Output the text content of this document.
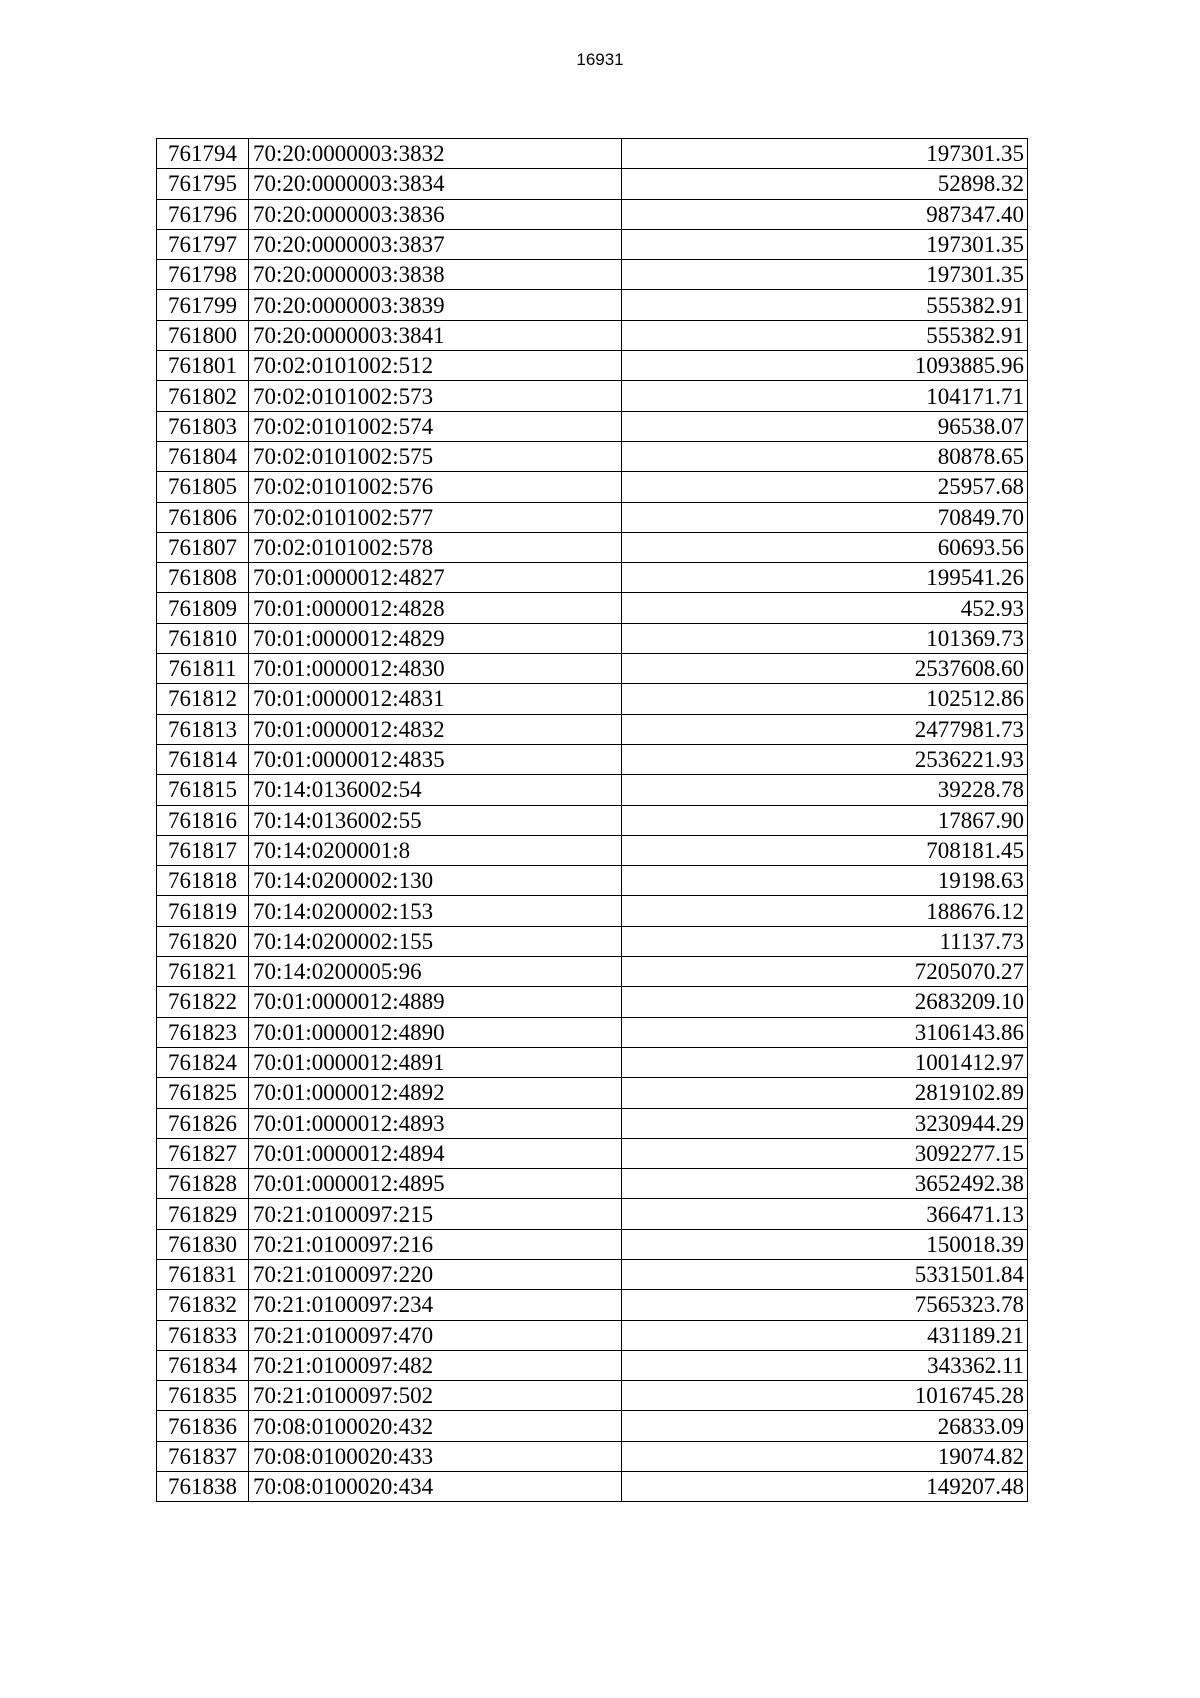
16931
761794	70:20:0000003:3832	197301.35
761795	70:20:0000003:3834	52898.32
761796	70:20:0000003:3836	987347.40
761797	70:20:0000003:3837	197301.35
761798	70:20:0000003:3838	197301.35
761799	70:20:0000003:3839	555382.91
761800	70:20:0000003:3841	555382.91
761801	70:02:0101002:512	1093885.96
761802	70:02:0101002:573	104171.71
761803	70:02:0101002:574	96538.07
761804	70:02:0101002:575	80878.65
761805	70:02:0101002:576	25957.68
761806	70:02:0101002:577	70849.70
761807	70:02:0101002:578	60693.56
761808	70:01:0000012:4827	199541.26
761809	70:01:0000012:4828	452.93
761810	70:01:0000012:4829	101369.73
761811	70:01:0000012:4830	2537608.60
761812	70:01:0000012:4831	102512.86
761813	70:01:0000012:4832	2477981.73
761814	70:01:0000012:4835	2536221.93
761815	70:14:0136002:54	39228.78
761816	70:14:0136002:55	17867.90
761817	70:14:0200001:8	708181.45
761818	70:14:0200002:130	19198.63
761819	70:14:0200002:153	188676.12
761820	70:14:0200002:155	11137.73
761821	70:14:0200005:96	7205070.27
761822	70:01:0000012:4889	2683209.10
761823	70:01:0000012:4890	3106143.86
761824	70:01:0000012:4891	1001412.97
761825	70:01:0000012:4892	2819102.89
761826	70:01:0000012:4893	3230944.29
761827	70:01:0000012:4894	3092277.15
761828	70:01:0000012:4895	3652492.38
761829	70:21:0100097:215	366471.13
761830	70:21:0100097:216	150018.39
761831	70:21:0100097:220	5331501.84
761832	70:21:0100097:234	7565323.78
761833	70:21:0100097:470	431189.21
761834	70:21:0100097:482	343362.11
761835	70:21:0100097:502	1016745.28
761836	70:08:0100020:432	26833.09
761837	70:08:0100020:433	19074.82
761838	70:08:0100020:434	149207.48
